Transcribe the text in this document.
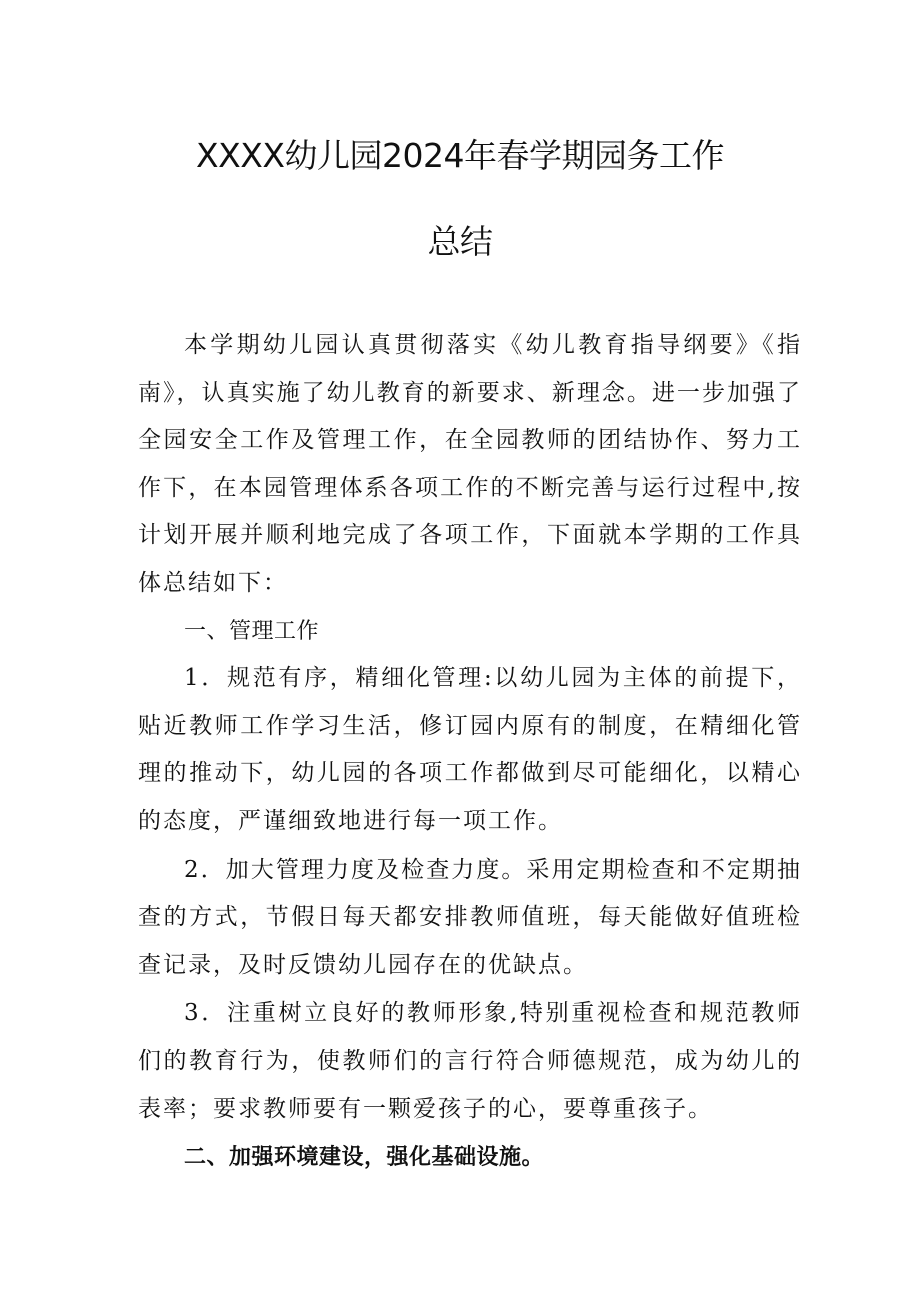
XXXX幼儿园2024年春学期园务工作
总结

本学期幼儿园认真贯彻落实《幼儿教育指导纲要》《指南》，认真实施了幼儿教育的新要求、新理念。进一步加强了全园安全工作及管理工作，在全园教师的团结协作、努力工作下，在本园管理体系各项工作的不断完善与运行过程中,按计划开展并顺利地完成了各项工作，下面就本学期的工作具体总结如下：

一、管理工作

1．规范有序，精细化管理:以幼儿园为主体的前提下，贴近教师工作学习生活，修订园内原有的制度，在精细化管理的推动下，幼儿园的各项工作都做到尽可能细化，以精心的态度，严谨细致地进行每一项工作。

2．加大管理力度及检查力度。采用定期检查和不定期抽查的方式，节假日每天都安排教师值班，每天能做好值班检查记录，及时反馈幼儿园存在的优缺点。

3．注重树立良好的教师形象,特别重视检查和规范教师们的教育行为，使教师们的言行符合师德规范，成为幼儿的表率；要求教师要有一颗爱孩子的心，要尊重孩子。

二、加强环境建设，强化基础设施。
